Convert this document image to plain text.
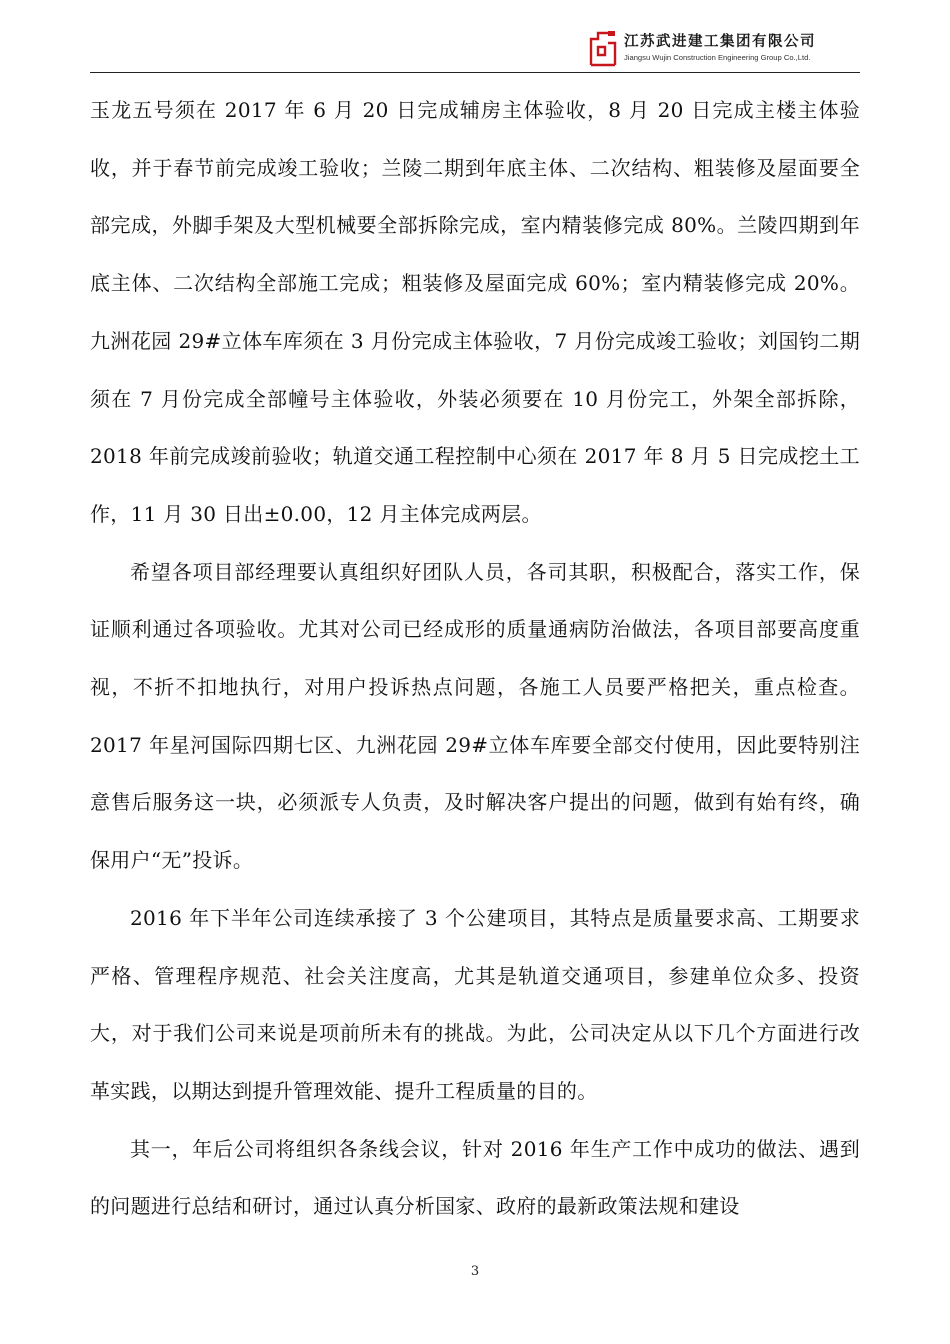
江苏武进建工集团有限公司
Jiangsu Wujin Construction Engineering Group Co.,Ltd.

玉龙五号须在 2017 年 6 月 20 日完成辅房主体验收，8 月 20 日完成主楼主体验收，并于春节前完成竣工验收；兰陵二期到年底主体、二次结构、粗装修及屋面要全部完成，外脚手架及大型机械要全部拆除完成，室内精装修完成 80%。兰陵四期到年底主体、二次结构全部施工完成；粗装修及屋面完成 60%；室内精装修完成 20%。九洲花园 29#立体车库须在 3 月份完成主体验收，7 月份完成竣工验收；刘国钧二期须在 7 月份完成全部幢号主体验收，外装必须要在 10 月份完工，外架全部拆除，2018 年前完成竣前验收；轨道交通工程控制中心须在 2017 年 8 月 5 日完成挖土工作，11 月 30 日出±0.00，12 月主体完成两层。

希望各项目部经理要认真组织好团队人员，各司其职，积极配合，落实工作，保证顺利通过各项验收。尤其对公司已经成形的质量通病防治做法，各项目部要高度重视，不折不扣地执行，对用户投诉热点问题，各施工人员要严格把关，重点检查。2017 年星河国际四期七区、九洲花园 29#立体车库要全部交付使用，因此要特别注意售后服务这一块，必须派专人负责，及时解决客户提出的问题，做到有始有终，确保用户“无”投诉。

2016 年下半年公司连续承接了 3 个公建项目，其特点是质量要求高、工期要求严格、管理程序规范、社会关注度高，尤其是轨道交通项目，参建单位众多、投资大，对于我们公司来说是项前所未有的挑战。为此，公司决定从以下几个方面进行改革实践，以期达到提升管理效能、提升工程质量的目的。

其一，年后公司将组织各条线会议，针对 2016 年生产工作中成功的做法、遇到的问题进行总结和研讨，通过认真分析国家、政府的最新政策法规和建设

3
